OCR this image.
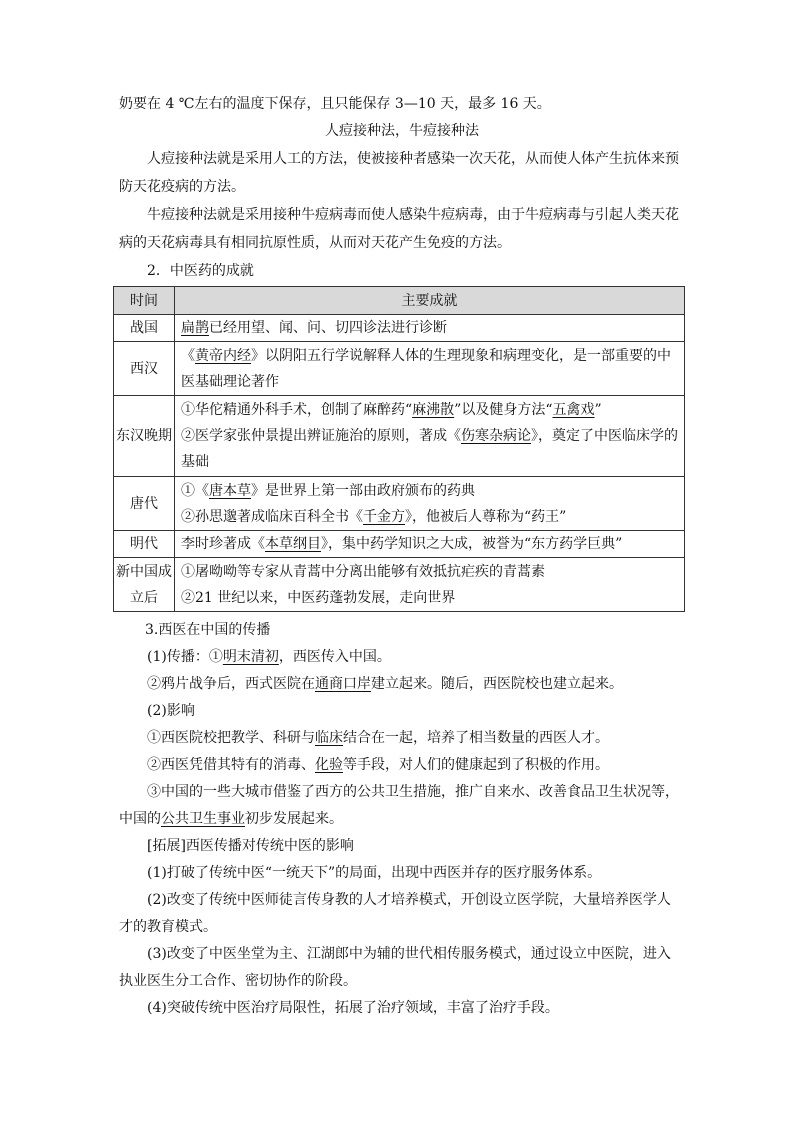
奶要在 4 ℃左右的温度下保存，且只能保存 3—10 天，最多 16 天。
人痘接种法，牛痘接种法
人痘接种法就是采用人工的方法，使被接种者感染一次天花，从而使人体产生抗体来预
防天花疫病的方法。
牛痘接种法就是采用接种牛痘病毒而使人感染牛痘病毒，由于牛痘病毒与引起人类天花
病的天花病毒具有相同抗原性质，从而对天花产生免疫的方法。
2．中医药的成就
时间	主要成就
战国	扁鹊已经用望、闻、问、切四诊法进行诊断

西汉	《黄帝内经》以阴阳五行学说解释人体的生理现象和病理变化，是一部重要的中
医基础理论著作

东汉晚期	①华佗精通外科手术，创制了麻醉药“麻沸散”以及健身方法“五禽戏”
②医学家张仲景提出辨证施治的原则，著成《伤寒杂病论》，奠定了中医临床学的
基础

唐代	①《唐本草》是世界上第一部由政府颁布的药典
②孙思邈著成临床百科全书《千金方》，他被后人尊称为“药王”

明代	李时珍著成《本草纲目》，集中药学知识之大成，被誉为“东方药学巨典”

新中国成立后	①屠呦呦等专家从青蒿中分离出能够有效抵抗疟疾的青蒿素
②21 世纪以来，中医药蓬勃发展，走向世界
3.西医在中国的传播
(1)传播：①明末清初，西医传入中国。
②鸦片战争后，西式医院在通商口岸建立起来。随后，西医院校也建立起来。
(2)影响
①西医院校把教学、科研与临床结合在一起，培养了相当数量的西医人才。
②西医凭借其特有的消毒、化验等手段，对人们的健康起到了积极的作用。
③中国的一些大城市借鉴了西方的公共卫生措施，推广自来水、改善食品卫生状况等，
中国的公共卫生事业初步发展起来。
[拓展]西医传播对传统中医的影响
(1)打破了传统中医“一统天下”的局面，出现中西医并存的医疗服务体系。
(2)改变了传统中医师徒言传身教的人才培养模式，开创设立医学院，大量培养医学人
才的教育模式。
(3)改变了中医坐堂为主、江湖郎中为辅的世代相传服务模式，通过设立中医院，进入
执业医生分工合作、密切协作的阶段。
(4)突破传统中医治疗局限性，拓展了治疗领域，丰富了治疗手段。
